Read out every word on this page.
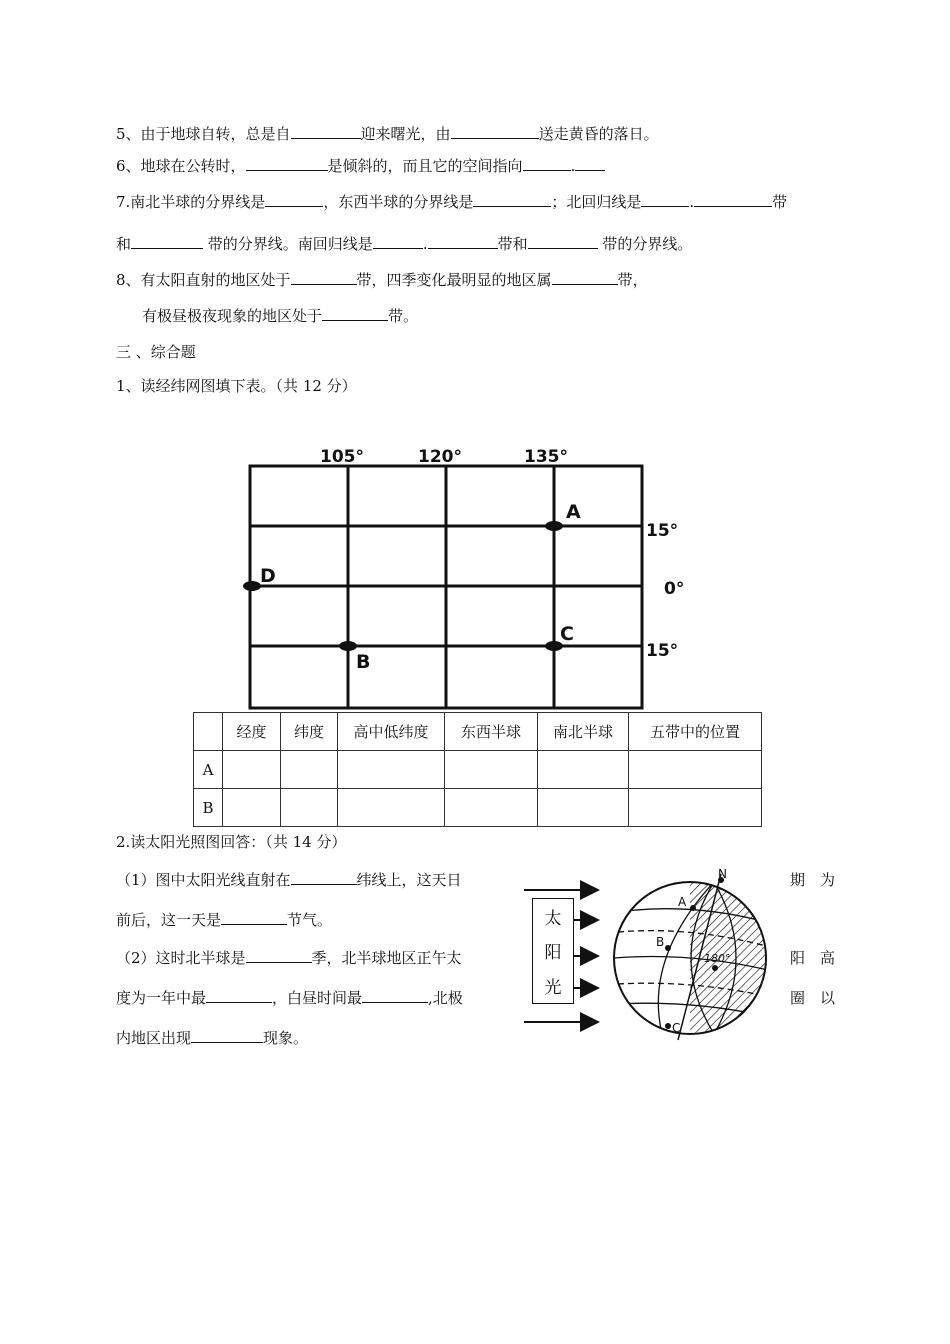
5、由于地球自转，总是自	迎来曙光，由	送走黄昏的落日。
6、地球在公转时，	是倾斜的，而且它的空间指向	.
7.南北半球的分界线是	，东西半球的分界线是	；北回归线是	.	带
和	带的分界线。南回归线是	.	带和	带的分界线。
8、有太阳直射的地区处于	带，四季变化最明显的地区属	带，
有极昼极夜现象的地区处于	带。
三 、综合题
1、读经纬网图填下表。（共 12 分）
105°	120°	135°
15°
0°
15°
A
B
C
D
	经度	纬度	高中低纬度	东西半球	南北半球	五带中的位置
A						
B						
2.读太阳光照图回答：（共 14 分）
（1）图中太阳光线直射在	纬线上，这天日	期　为
前后，这一天是	节气。
（2）这时北半球是	季，北半球地区正午太	阳　高
度为一年中最	，白昼时间最	,北极	圈　以
内地区出现	现象。
太
阳
光
N
A
B
180°
C
